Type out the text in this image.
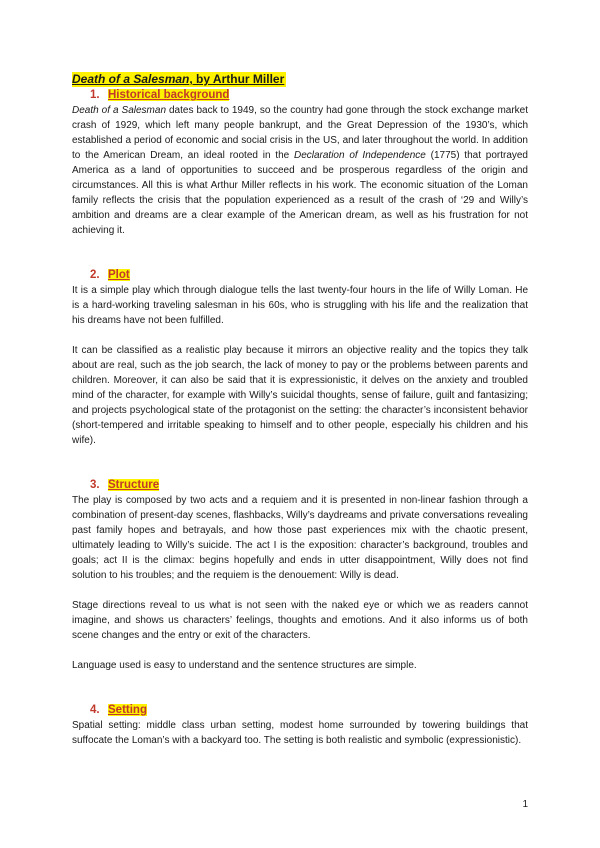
Death of a Salesman, by Arthur Miller
1. Historical background

Death of a Salesman dates back to 1949, so the country had gone through the stock exchange market crash of 1929, which left many people bankrupt, and the Great Depression of the 1930’s, which established a period of economic and social crisis in the US, and later throughout the world. In addition to the American Dream, an ideal rooted in the Declaration of Independence (1775) that portrayed America as a land of opportunities to succeed and be prosperous regardless of the origin and circumstances. All this is what Arthur Miller reflects in his work. The economic situation of the Loman family reflects the crisis that the population experienced as a result of the crash of ‘29 and Willy’s ambition and dreams are a clear example of the American dream, as well as his frustration for not achieving it.

2. Plot

It is a simple play which through dialogue tells the last twenty-four hours in the life of Willy Loman. He is a hard-working traveling salesman in his 60s, who is struggling with his life and the realization that his dreams have not been fulfilled.

It can be classified as a realistic play because it mirrors an objective reality and the topics they talk about are real, such as the job search, the lack of money to pay or the problems between parents and children. Moreover, it can also be said that it is expressionistic, it delves on the anxiety and troubled mind of the character, for example with Willy’s suicidal thoughts, sense of failure, guilt and fantasizing; and projects psychological state of the protagonist on the setting: the character’s inconsistent behavior (short-tempered and irritable speaking to himself and to other people, especially his children and his wife).

3. Structure

The play is composed by two acts and a requiem and it is presented in non-linear fashion through a combination of present-day scenes, flashbacks, Willy’s daydreams and private conversations revealing past family hopes and betrayals, and how those past experiences mix with the chaotic present, ultimately leading to Willy’s suicide. The act I is the exposition: character’s background, troubles and goals; act II is the climax: begins hopefully and ends in utter disappointment, Willy does not find solution to his troubles; and the requiem is the denouement: Willy is dead.

Stage directions reveal to us what is not seen with the naked eye or which we as readers cannot imagine, and shows us characters’ feelings, thoughts and emotions. And it also informs us of both scene changes and the entry or exit of the characters.

Language used is easy to understand and the sentence structures are simple.

4. Setting

Spatial setting: middle class urban setting, modest home surrounded by towering buildings that suffocate the Loman’s with a backyard too. The setting is both realistic and symbolic (expressionistic).

1
